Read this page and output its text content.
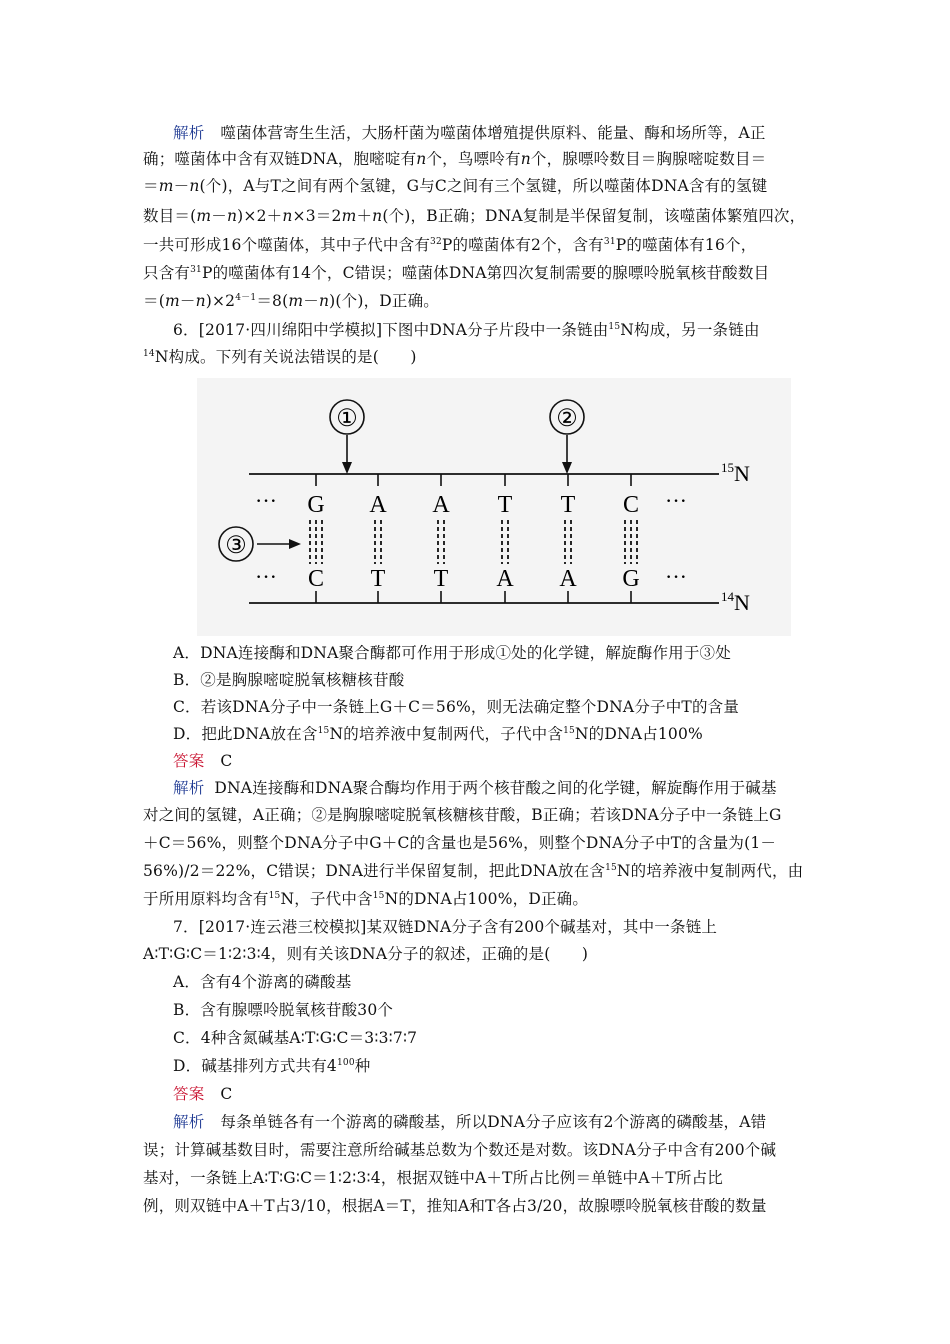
解析 噬菌体营寄生生活，大肠杆菌为噬菌体增殖提供原料、能量、酶和场所等，A正
确；噬菌体中含有双链DNA，胞嘧啶有n个，鸟嘌呤有n个，腺嘌呤数目＝胸腺嘧啶数目＝
＝m－n(个)，A与T之间有两个氢键，G与C之间有三个氢键，所以噬菌体DNA含有的氢键
数目＝(m－n)×2＋n×3＝2m＋n(个)，B正确；DNA复制是半保留复制，该噬菌体繁殖四次，
一共可形成16个噬菌体，其中子代中含有$^{32}$P的噬菌体有2个，含有$^{31}$P的噬菌体有16个，
只含有$^{31}$P的噬菌体有14个，C错误；噬菌体DNA第四次复制需要的腺嘌呤脱氧核苷酸数目
$=(m-n)\times 2^{4-1}=8(m-n)$(个)，D正确。
6．[2017·四川绵阳中学模拟]下图中DNA分子片段中一条链由$^{15}$N构成，另一条链由
$^{14}$N构成。下列有关说法错误的是(　　)
①	②
③
$^{15}$N
$^{14}$N
···
···
···
···
G
C
A
T
A
T
T
A
T
A
C
G
A．DNA连接酶和DNA聚合酶都可作用于形成①处的化学键，解旋酶作用于③处
B．②是胸腺嘧啶脱氧核糖核苷酸
C．若该DNA分子中一条链上G＋C＝56%，则无法确定整个DNA分子中T的含量
D．把此DNA放在含$^{15}$N的培养液中复制两代，子代中含$^{15}$N的DNA占100%
答案 C
解析 DNA连接酶和DNA聚合酶均作用于两个核苷酸之间的化学键，解旋酶作用于碱基
对之间的氢键，A正确；②是胸腺嘧啶脱氧核糖核苷酸，B正确；若该DNA分子中一条链上G
＋C＝56%，则整个DNA分子中G＋C的含量也是56%，则整个DNA分子中T的含量为(1－
56%)/2＝22%，C错误；DNA进行半保留复制，把此DNA放在含$^{15}$N的培养液中复制两代，由
于所用原料均含有$^{15}$N，子代中含$^{15}$N的DNA占100%，D正确。
7．[2017·连云港三校模拟]某双链DNA分子含有200个碱基对，其中一条链上
A∶T∶G∶C＝1∶2∶3∶4，则有关该DNA分子的叙述，正确的是(　　)
A．含有4个游离的磷酸基
B．含有腺嘌呤脱氧核苷酸30个
C．4种含氮碱基A∶T∶G∶C＝3∶3∶7∶7
D．碱基排列方式共有$4^{100}$种
答案 C
解析 每条单链各有一个游离的磷酸基，所以DNA分子应该有2个游离的磷酸基，A错
误；计算碱基数目时，需要注意所给碱基总数为个数还是对数。该DNA分子中含有200个碱
基对，一条链上A∶T∶G∶C＝1∶2∶3∶4，根据双链中A＋T所占比例＝单链中A＋T所占比
例，则双链中A＋T占3/10，根据A＝T，推知A和T各占3/20，故腺嘌呤脱氧核苷酸的数量
